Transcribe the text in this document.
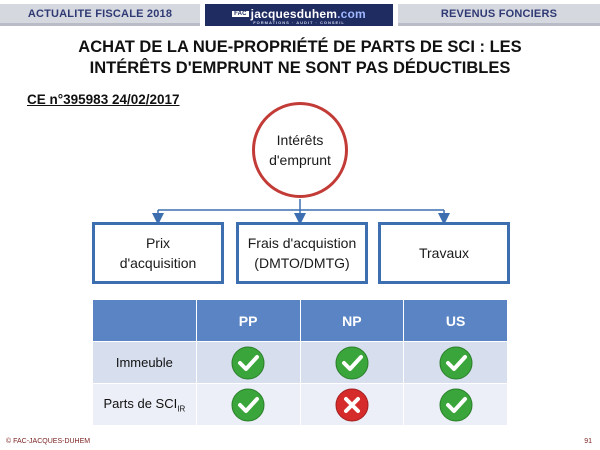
ACTUALITE FISCALE 2018	FAC jacquesduhem.com
FORMATIONS · AUDIT · CONSEIL
REVENUS FONCIERS
ACHAT DE LA NUE-PROPRIÉTÉ DE PARTS DE SCI : LES
INTÉRÊTS D'EMPRUNT NE SONT PAS DÉDUCTIBLES
CE n°395983 24/02/2017
Intérêts
d'emprunt
Prix
d'acquisition
Frais d'acquistion
(DMTO/DMTG)
Travaux
	PP	NP	US
Immeuble			
Parts de $SCI_{IR}$			
© FAC-JACQUES-DUHEM	91
